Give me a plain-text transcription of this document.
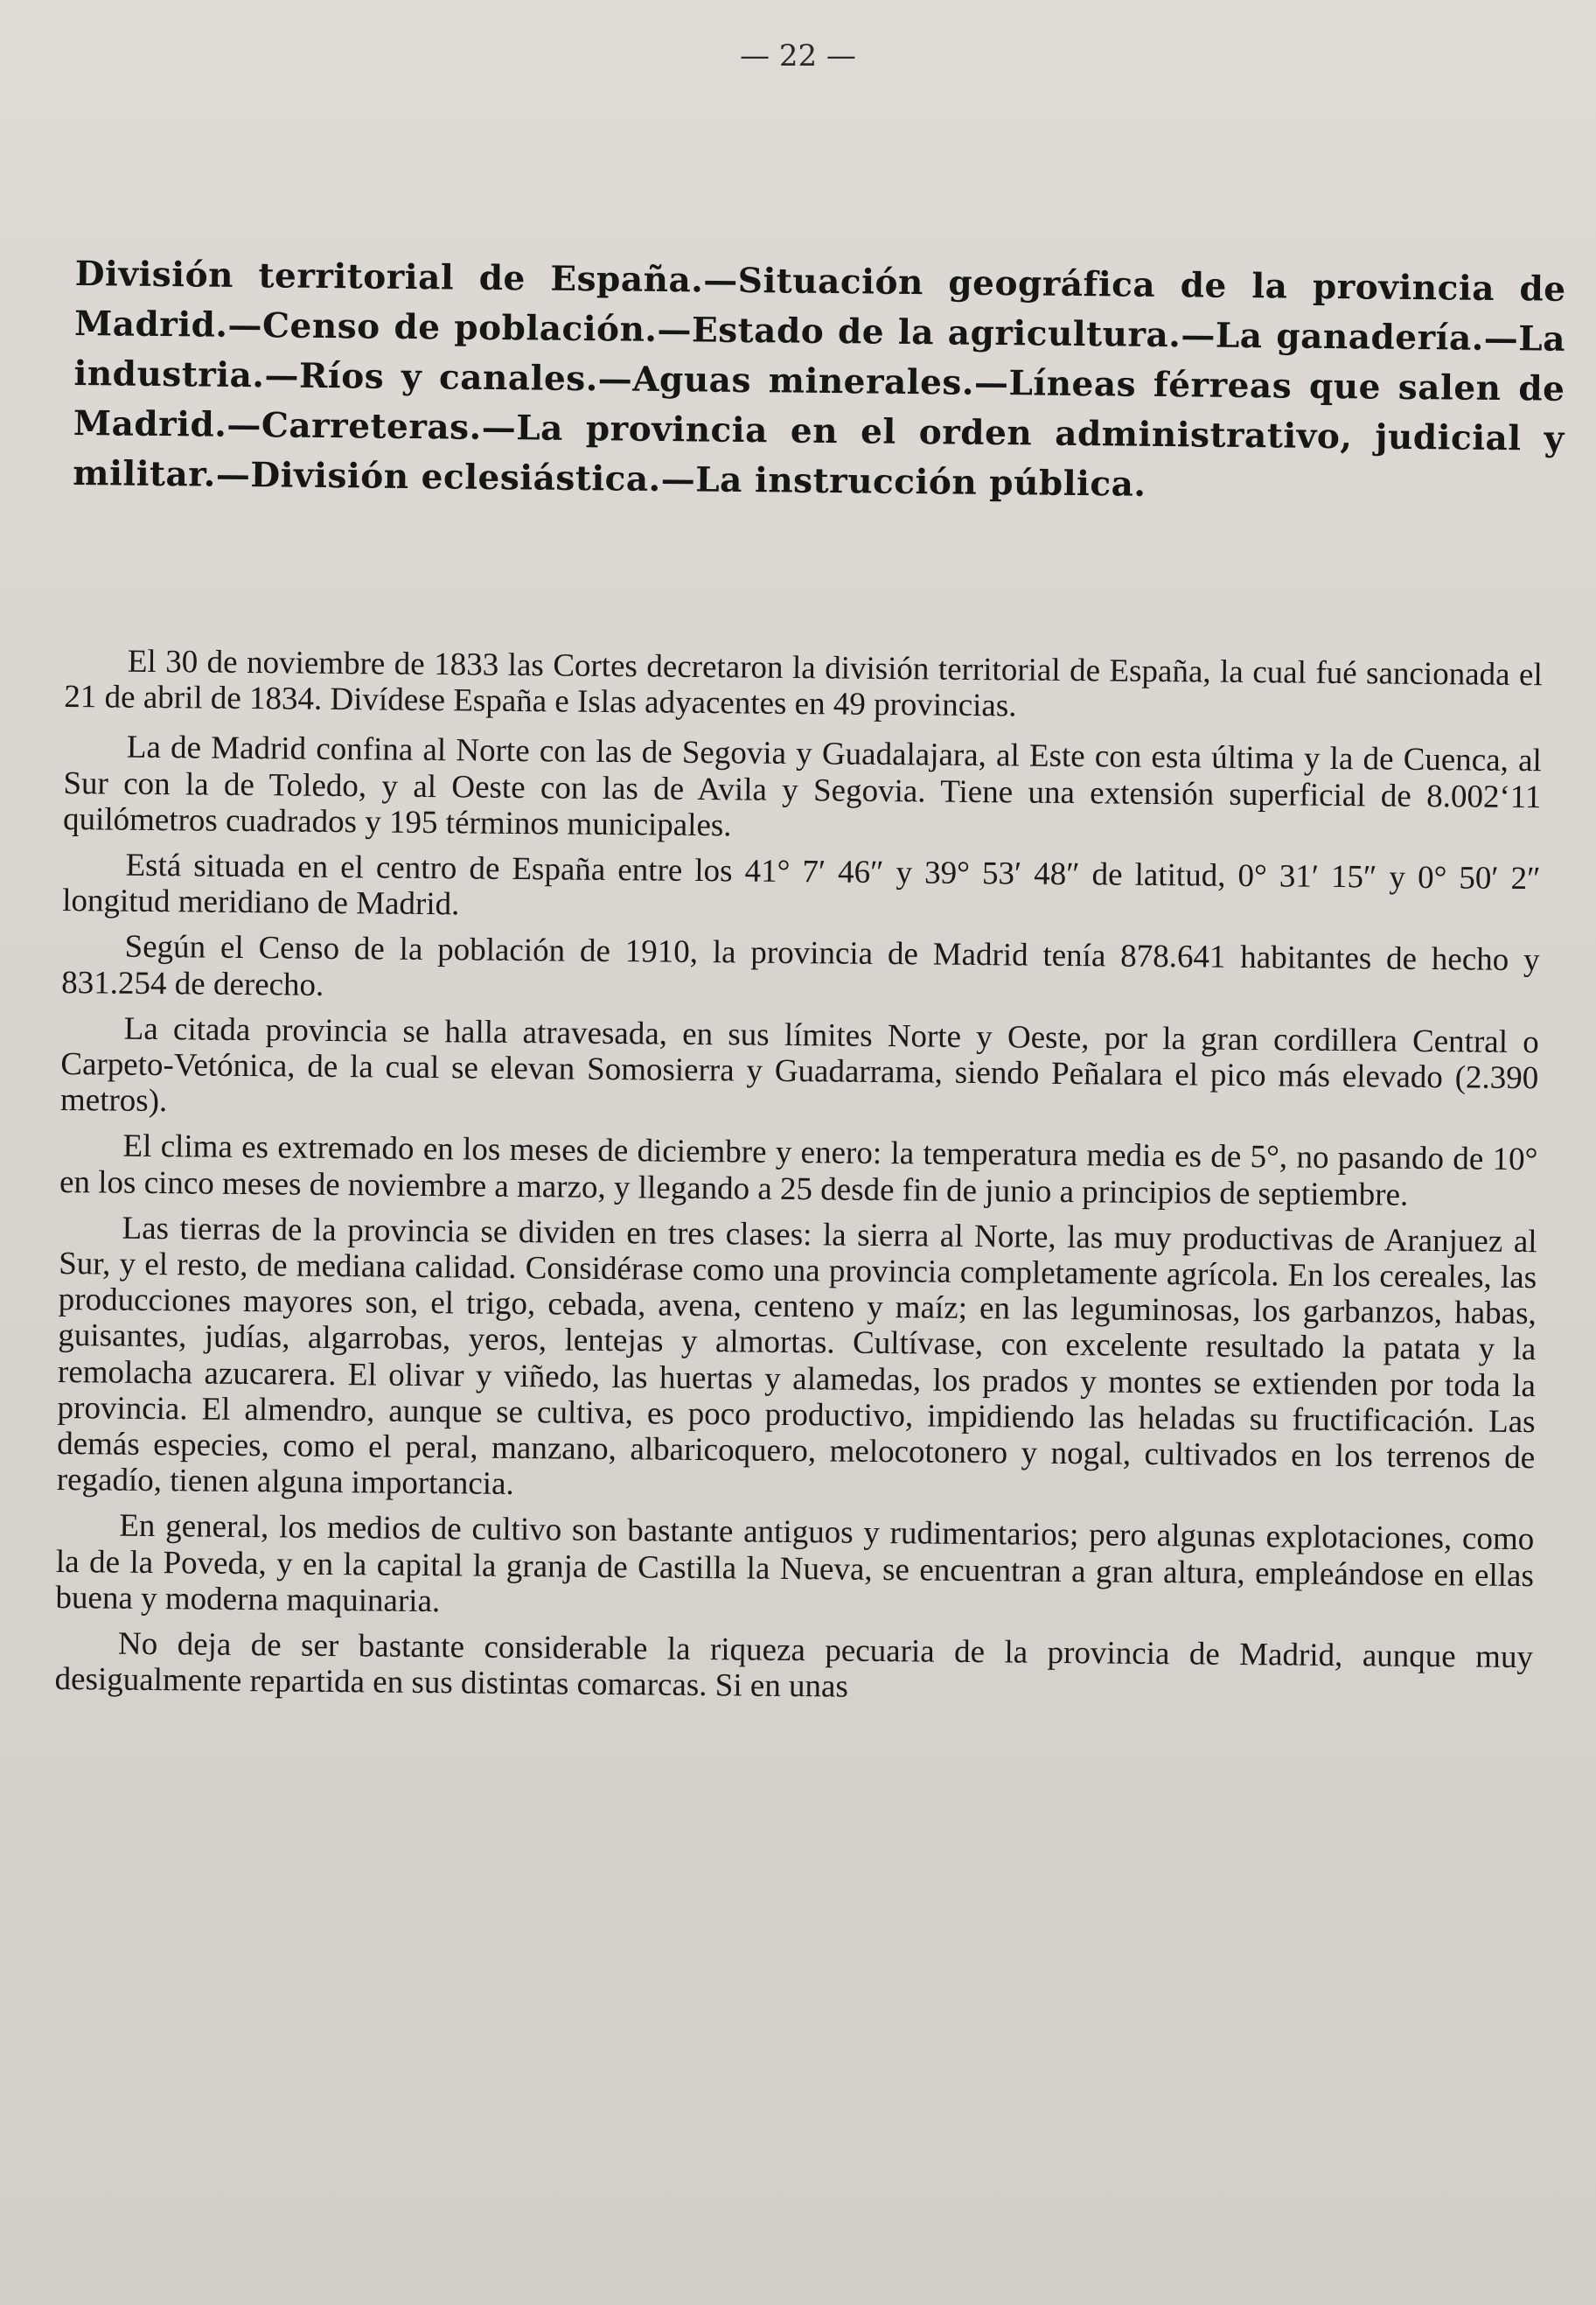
— 22 —
División territorial de España.—Situación geográfica de la provincia de Madrid.—Censo de población.—Estado de la agricultura.—La ganadería.—La industria.—Ríos y canales.—Aguas minerales.—Líneas férreas que salen de Madrid.—Carreteras.—La provincia en el orden administrativo, judicial y militar.—División eclesiástica.—La instrucción pública.

El 30 de noviembre de 1833 las Cortes decretaron la división territorial de España, la cual fué sancionada el 21 de abril de 1834. Divídese España e Islas adyacentes en 49 provincias.

La de Madrid confina al Norte con las de Segovia y Guadalajara, al Este con esta última y la de Cuenca, al Sur con la de Toledo, y al Oeste con las de Avila y Segovia. Tiene una extensión superficial de 8.002‘11 quilómetros cuadrados y 195 términos municipales.

Está situada en el centro de España entre los 41° 7′ 46″ y 39° 53′ 48″ de latitud, 0° 31′ 15″ y 0° 50′ 2″ longitud meridiano de Madrid.

Según el Censo de la población de 1910, la provincia de Madrid tenía 878.641 habitantes de hecho y 831.254 de derecho.

La citada provincia se halla atravesada, en sus límites Norte y Oeste, por la gran cordillera Central o Carpeto-Vetónica, de la cual se elevan Somosierra y Guadarrama, siendo Peñalara el pico más elevado (2.390 metros).

El clima es extremado en los meses de diciembre y enero: la temperatura media es de 5°, no pasando de 10° en los cinco meses de noviembre a marzo, y llegando a 25 desde fin de junio a principios de septiembre.

Las tierras de la provincia se dividen en tres clases: la sierra al Norte, las muy productivas de Aranjuez al Sur, y el resto, de mediana calidad. Considérase como una provincia completamente agrícola. En los cereales, las producciones mayores son, el trigo, cebada, avena, centeno y maíz; en las leguminosas, los garbanzos, habas, guisantes, judías, algarrobas, yeros, lentejas y almortas. Cultívase, con excelente resultado la patata y la remolacha azucarera. El olivar y viñedo, las huertas y alamedas, los prados y montes se extienden por toda la provincia. El almendro, aunque se cultiva, es poco productivo, impidiendo las heladas su fructificación. Las demás especies, como el peral, manzano, albaricoquero, melocotonero y nogal, cultivados en los terrenos de regadío, tienen alguna importancia.

En general, los medios de cultivo son bastante antiguos y rudimentarios; pero algunas explotaciones, como la de la Poveda, y en la capital la granja de Castilla la Nueva, se encuentran a gran altura, empleándose en ellas buena y moderna maquinaria.

No deja de ser bastante considerable la riqueza pecuaria de la provincia de Madrid, aunque muy desigualmente repartida en sus distintas comarcas. Si en unas
